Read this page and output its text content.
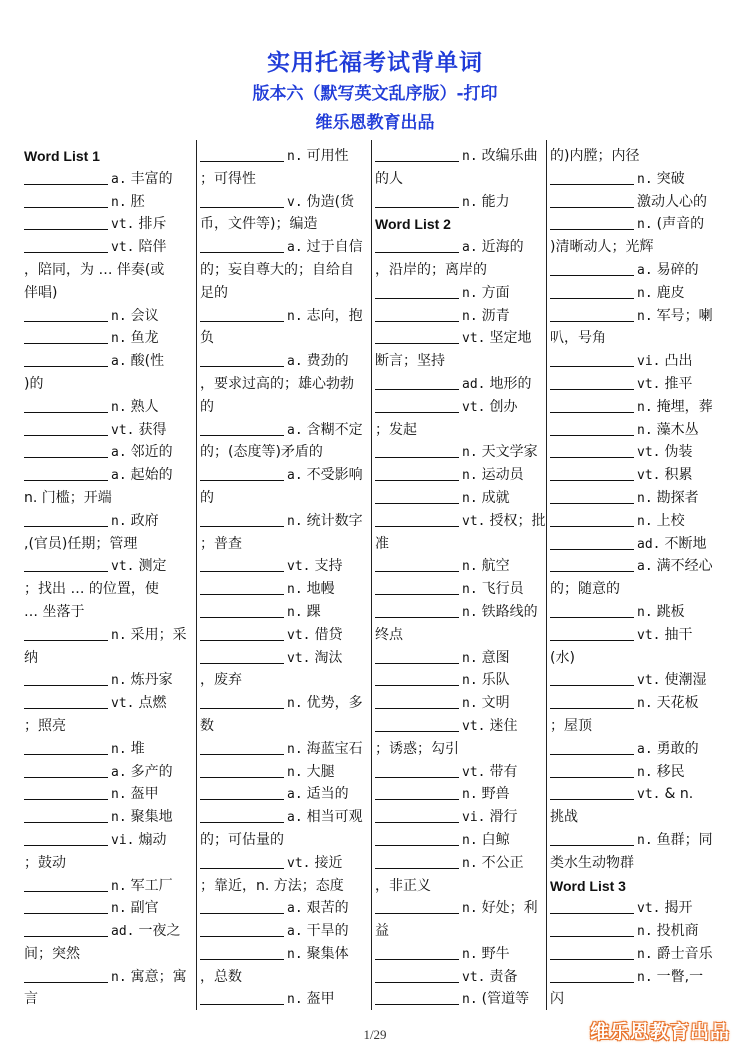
实用托福考试背单词
版本六（默写英文乱序版）-打印
维乐恩教育出品
Word List 1
a. 丰富的
n. 胚
vt. 排斥
vt. 陪伴
，陪同，为 … 伴奏(或
伴唱)
n. 会议
n. 鱼龙
a. 酸(性
)的
n. 熟人
vt. 获得
a. 邻近的
a. 起始的
n. 门槛；开端
n. 政府
,(官员)任期；管理
vt. 测定
；找出 … 的位置，使
… 坐落于
n. 采用；采
纳
n. 炼丹家
vt. 点燃
；照亮
n. 堆
a. 多产的
n. 盔甲
n. 聚集地
vi. 煽动
；鼓动
n. 军工厂
n. 副官
ad. 一夜之
间；突然
n. 寓意；寓
言
n. 可用性
；可得性
v. 伪造(货
币，文件等)；编造
a. 过于自信
的；妄自尊大的；自给自
足的
n. 志向，抱
负
a. 费劲的
，要求过高的；雄心勃勃
的
a. 含糊不定
的；(态度等)矛盾的
a. 不受影响
的
n. 统计数字
；普查
vt. 支持
n. 地幔
n. 踝
vt. 借贷
vt. 淘汰
，废弃
n. 优势，多
数
n. 海蓝宝石
n. 大腿
a. 适当的
a. 相当可观
的；可估量的
vt. 接近
；靠近，n. 方法；态度
a. 艰苦的
a. 干旱的
n. 聚集体
，总数
n. 盔甲
n. 改编乐曲
的人
n. 能力
Word List 2
a. 近海的
，沿岸的；离岸的
n. 方面
n. 沥青
vt. 坚定地
断言；坚持
ad. 地形的
vt. 创办
；发起
n. 天文学家
n. 运动员
n. 成就
vt. 授权；批
准
n. 航空
n. 飞行员
n. 铁路线的
终点
n. 意图
n. 乐队
n. 文明
vt. 迷住
；诱惑；勾引
vt. 带有
n. 野兽
vi. 滑行
n. 白鲸
n. 不公正
，非正义
n. 好处；利
益
n. 野牛
vt. 责备
n. (管道等
的)内膛；内径
n. 突破
激动人心的
n. (声音的
)清晰动人；光辉
a. 易碎的
n. 鹿皮
n. 军号；喇
叭，号角
vi. 凸出
vt. 推平
n. 掩埋，葬
n. 藻木丛
vt. 伪装
vt. 积累
n. 勘探者
n. 上校
ad. 不断地
a. 满不经心
的；随意的
n. 跳板
vt. 抽干
(水)
vt. 使潮湿
n. 天花板
；屋顶
a. 勇敢的
n. 移民
vt. & n.
挑战
n. 鱼群；同
类水生动物群
Word List 3
vt. 揭开
n. 投机商
n. 爵士音乐
n. 一瞥,一
闪
1/29	维乐恩教育出品
